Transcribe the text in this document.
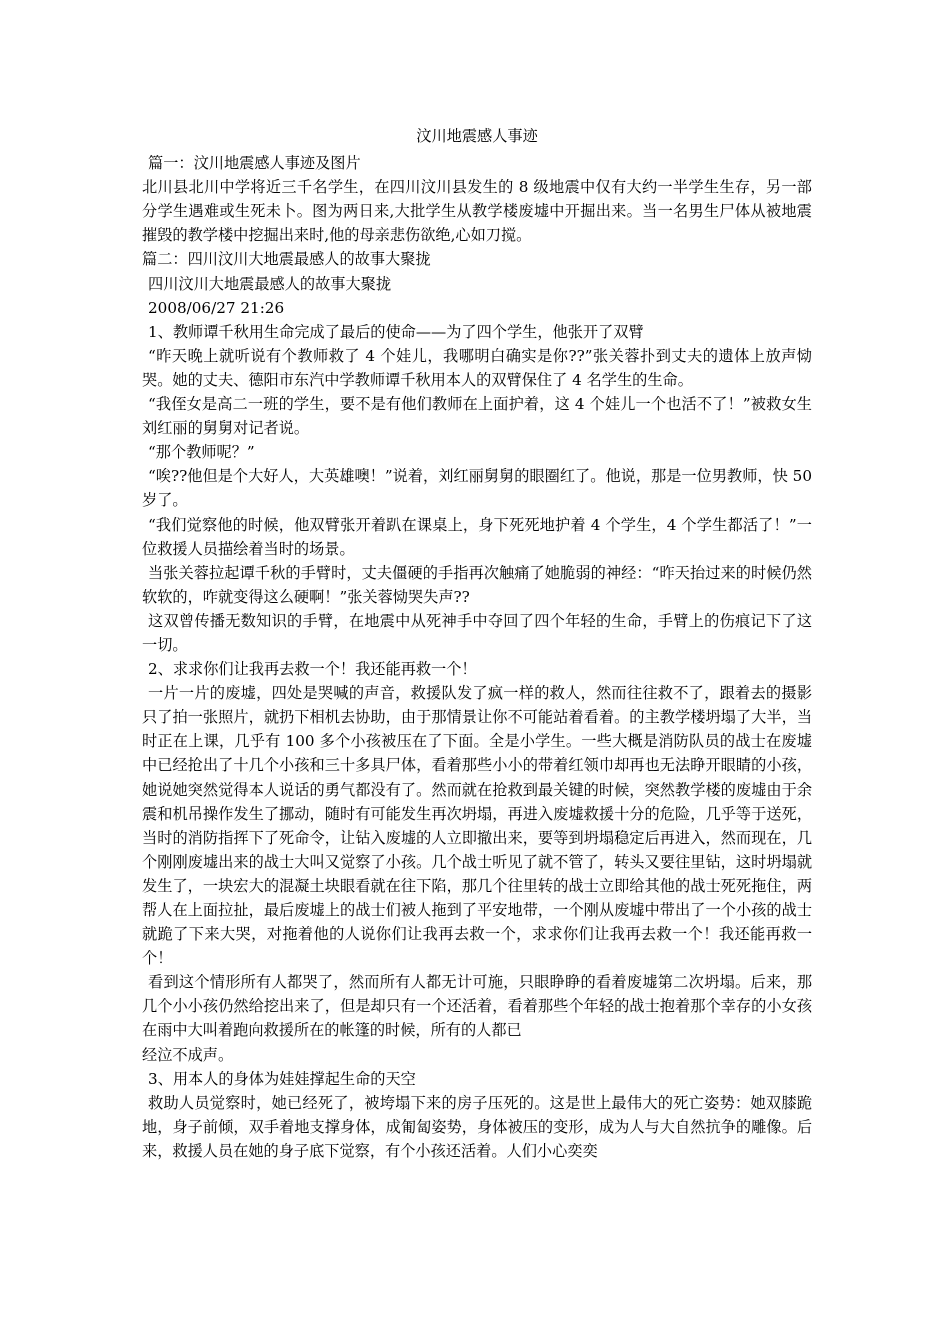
汶川地震感人事迹

篇一：汶川地震感人事迹及图片

北川县北川中学将近三千名学生，在四川汶川县发生的 8 级地震中仅有大约一半学生生存，另一部分学生遇难或生死未卜。图为两日来,大批学生从教学楼废墟中开掘出来。当一名男生尸体从被地震摧毁的教学楼中挖掘出来时,他的母亲悲伤欲绝,心如刀搅。

篇二：四川汶川大地震最感人的故事大聚拢

四川汶川大地震最感人的故事大聚拢

2008/06/27 21:26

1、教师谭千秋用生命完成了最后的使命——为了四个学生，他张开了双臂

“昨天晚上就听说有个教师救了 4 个娃儿，我哪明白确实是你??”张关蓉扑到丈夫的遗体上放声恸哭。她的丈夫、德阳市东汽中学教师谭千秋用本人的双臂保住了 4 名学生的生命。

“我侄女是高二一班的学生，要不是有他们教师在上面护着，这 4 个娃儿一个也活不了！”被救女生刘红丽的舅舅对记者说。

“那个教师呢？”

“唉??他但是个大好人，大英雄噢！”说着，刘红丽舅舅的眼圈红了。他说，那是一位男教师，快 50 岁了。

“我们觉察他的时候，他双臂张开着趴在课桌上，身下死死地护着 4 个学生，4 个学生都活了！”一位救援人员描绘着当时的场景。

当张关蓉拉起谭千秋的手臂时，丈夫僵硬的手指再次触痛了她脆弱的神经：“昨天抬过来的时候仍然软软的，咋就变得这么硬啊！”张关蓉恸哭失声??

这双曾传播无数知识的手臂，在地震中从死神手中夺回了四个年轻的生命，手臂上的伤痕记下了这一切。

2、求求你们让我再去救一个！我还能再救一个！

一片一片的废墟，四处是哭喊的声音，救援队发了疯一样的救人，然而往往救不了，跟着去的摄影只了拍一张照片，就扔下相机去协助，由于那情景让你不可能站着看着。的主教学楼坍塌了大半，当时正在上课，几乎有 100 多个小孩被压在了下面。全是小学生。一些大概是消防队员的战士在废墟中已经抢出了十几个小孩和三十多具尸体，看着那些小小的带着红领巾却再也无法睁开眼睛的小孩，她说她突然觉得本人说话的勇气都没有了。然而就在抢救到最关键的时候，突然教学楼的废墟由于余震和机吊操作发生了挪动，随时有可能发生再次坍塌，再进入废墟救援十分的危险，几乎等于送死，当时的消防指挥下了死命令，让钻入废墟的人立即撤出来，要等到坍塌稳定后再进入，然而现在，几个刚刚废墟出来的战士大叫又觉察了小孩。几个战士听见了就不管了，转头又要往里钻，这时坍塌就发生了，一块宏大的混凝土块眼看就在往下陷，那几个往里转的战士立即给其他的战士死死拖住，两帮人在上面拉扯，最后废墟上的战士们被人拖到了平安地带，一个刚从废墟中带出了一个小孩的战士就跪了下来大哭，对拖着他的人说你们让我再去救一个，求求你们让我再去救一个！我还能再救一个！

看到这个情形所有人都哭了，然而所有人都无计可施，只眼睁睁的看着废墟第二次坍塌。后来，那几个小小孩仍然给挖出来了，但是却只有一个还活着，看着那些个年轻的战士抱着那个幸存的小女孩在雨中大叫着跑向救援所在的帐篷的时候，所有的人都已

经泣不成声。

3、用本人的身体为娃娃撑起生命的天空

救助人员觉察时，她已经死了，被垮塌下来的房子压死的。这是世上最伟大的死亡姿势：她双膝跪地，身子前倾，双手着地支撑身体，成匍匐姿势，身体被压的变形，成为人与大自然抗争的雕像。后来，救援人员在她的身子底下觉察，有个小孩还活着。人们小心奕奕
